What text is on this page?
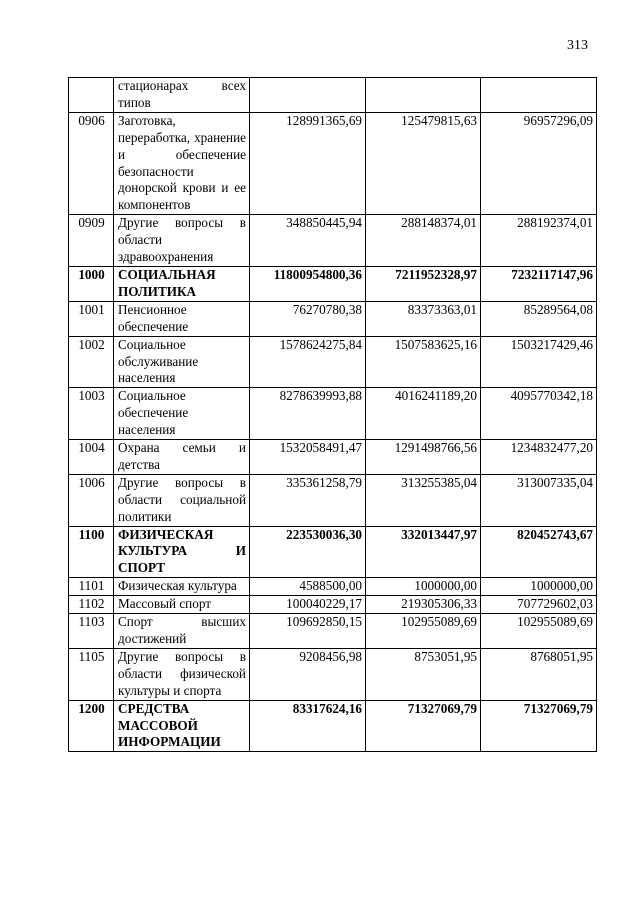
313
	стационарах всех типов			
0906	Заготовка, переработка, хранение и обеспечение безопасности донорской крови и ее компонентов	128991365,69	125479815,63	96957296,09
0909	Другие вопросы в области здравоохранения	348850445,94	288148374,01	288192374,01
1000	СОЦИАЛЬНАЯ ПОЛИТИКА	11800954800,36	7211952328,97	7232117147,96
1001	Пенсионное обеспечение	76270780,38	83373363,01	85289564,08
1002	Социальное обслуживание населения	1578624275,84	1507583625,16	1503217429,46
1003	Социальное обеспечение населения	8278639993,88	4016241189,20	4095770342,18
1004	Охрана семьи и детства	1532058491,47	1291498766,56	1234832477,20
1006	Другие вопросы в области социальной политики	335361258,79	313255385,04	313007335,04
1100	ФИЗИЧЕСКАЯ КУЛЬТУРА И СПОРТ	223530036,30	332013447,97	820452743,67
1101	Физическая культура	4588500,00	1000000,00	1000000,00
1102	Массовый спорт	100040229,17	219305306,33	707729602,03
1103	Спорт высших достижений	109692850,15	102955089,69	102955089,69
1105	Другие вопросы в области физической культуры и спорта	9208456,98	8753051,95	8768051,95
1200	СРЕДСТВА МАССОВОЙ ИНФОРМАЦИИ	83317624,16	71327069,79	71327069,79
